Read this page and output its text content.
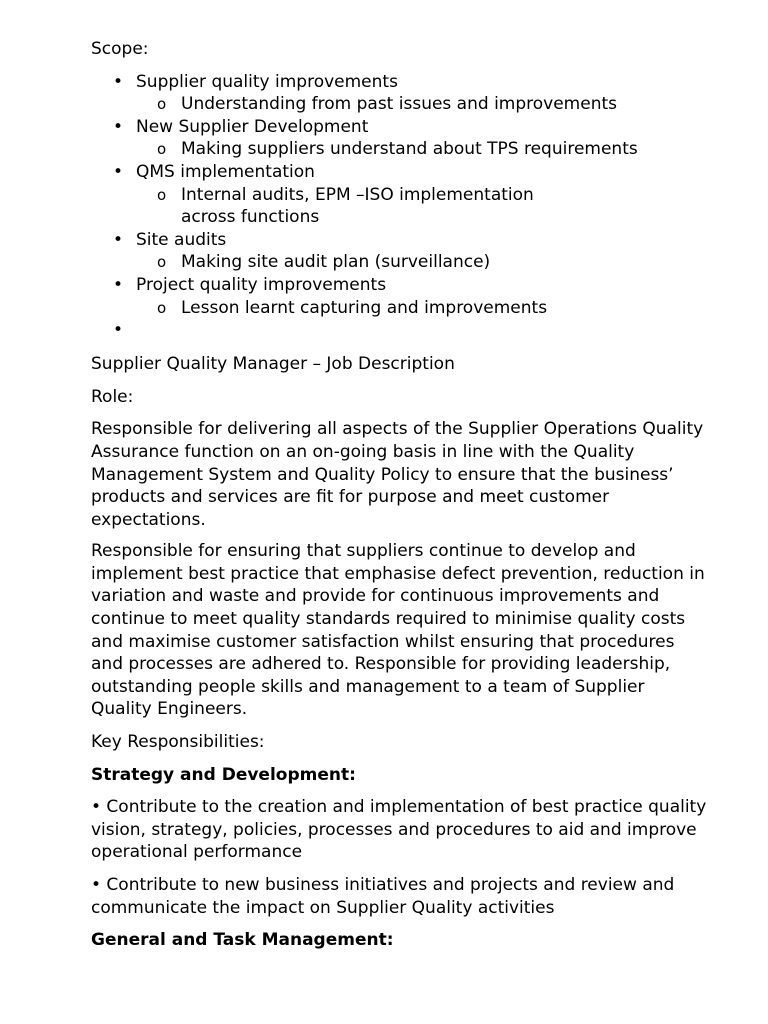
Scope:

• Supplier quality improvements
o Understanding from past issues and improvements
• New Supplier Development
o Making suppliers understand about TPS requirements
• QMS implementation
o Internal audits, EPM –ISO implementation across functions
• Site audits
o Making site audit plan (surveillance)
• Project quality improvements
o Lesson learnt capturing and improvements
•

Supplier Quality Manager – Job Description

Role:

Responsible for delivering all aspects of the Supplier Operations Quality Assurance function on an on-going basis in line with the Quality Management System and Quality Policy to ensure that the business’ products and services are fit for purpose and meet customer expectations.

Responsible for ensuring that suppliers continue to develop and implement best practice that emphasise defect prevention, reduction in variation and waste and provide for continuous improvements and continue to meet quality standards required to minimise quality costs and maximise customer satisfaction whilst ensuring that procedures and processes are adhered to. Responsible for providing leadership, outstanding people skills and management to a team of Supplier Quality Engineers.

Key Responsibilities:

Strategy and Development:

• Contribute to the creation and implementation of best practice quality vision, strategy, policies, processes and procedures to aid and improve operational performance

• Contribute to new business initiatives and projects and review and communicate the impact on Supplier Quality activities

General and Task Management:
